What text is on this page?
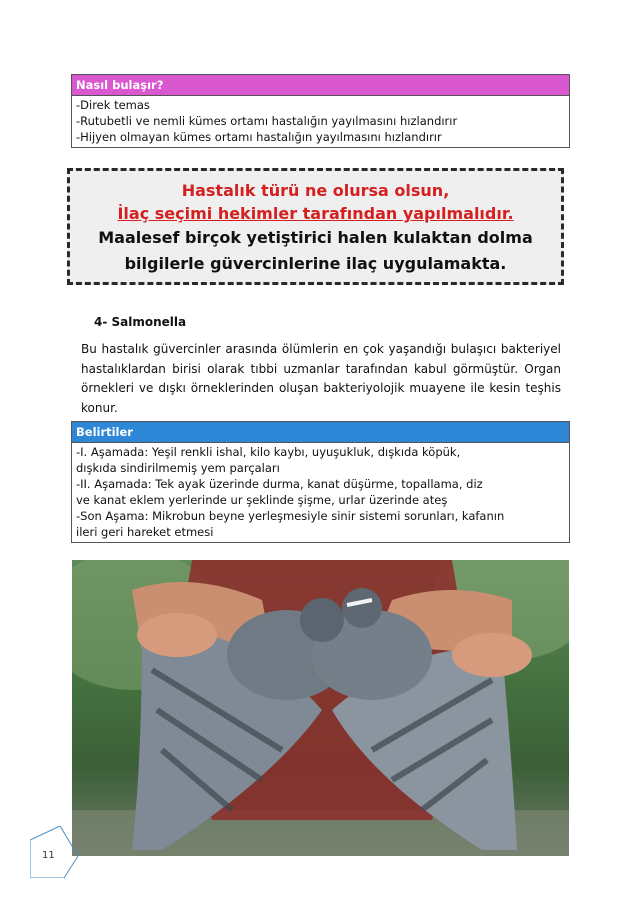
Nasıl bulaşır?
-Direk temas
-Rutubetli ve nemli kümes ortamı hastalığın yayılmasını hızlandırır
-Hijyen olmayan kümes ortamı hastalığın yayılmasını hızlandırır
Hastalık türü ne olursa olsun,
İlaç seçimi hekimler tarafından yapılmalıdır.
Maalesef birçok yetiştirici halen kulaktan dolma
bilgilerle güvercinlerine ilaç uygulamakta.
4- Salmonella
Bu hastalık güvercinler arasında ölümlerin en çok yaşandığı bulaşıcı bakteriyel hastalıklardan birisi olarak tıbbi uzmanlar tarafından kabul görmüştür. Organ örnekleri ve dışkı örneklerinden oluşan bakteriyolojik muayene ile kesin teşhis konur.
Belirtiler
-I. Aşamada: Yeşil renkli ishal, kilo kaybı, uyuşukluk, dışkıda köpük,
dışkıda sindirilmemiş yem parçaları
-II. Aşamada: Tek ayak üzerinde durma, kanat düşürme, topallama, diz
ve kanat eklem yerlerinde ur şeklinde şişme, urlar üzerinde ateş
-Son Aşama: Mikrobun beyne yerleşmesiyle sinir sistemi sorunları, kafanın
ileri geri hareket etmesi
11
